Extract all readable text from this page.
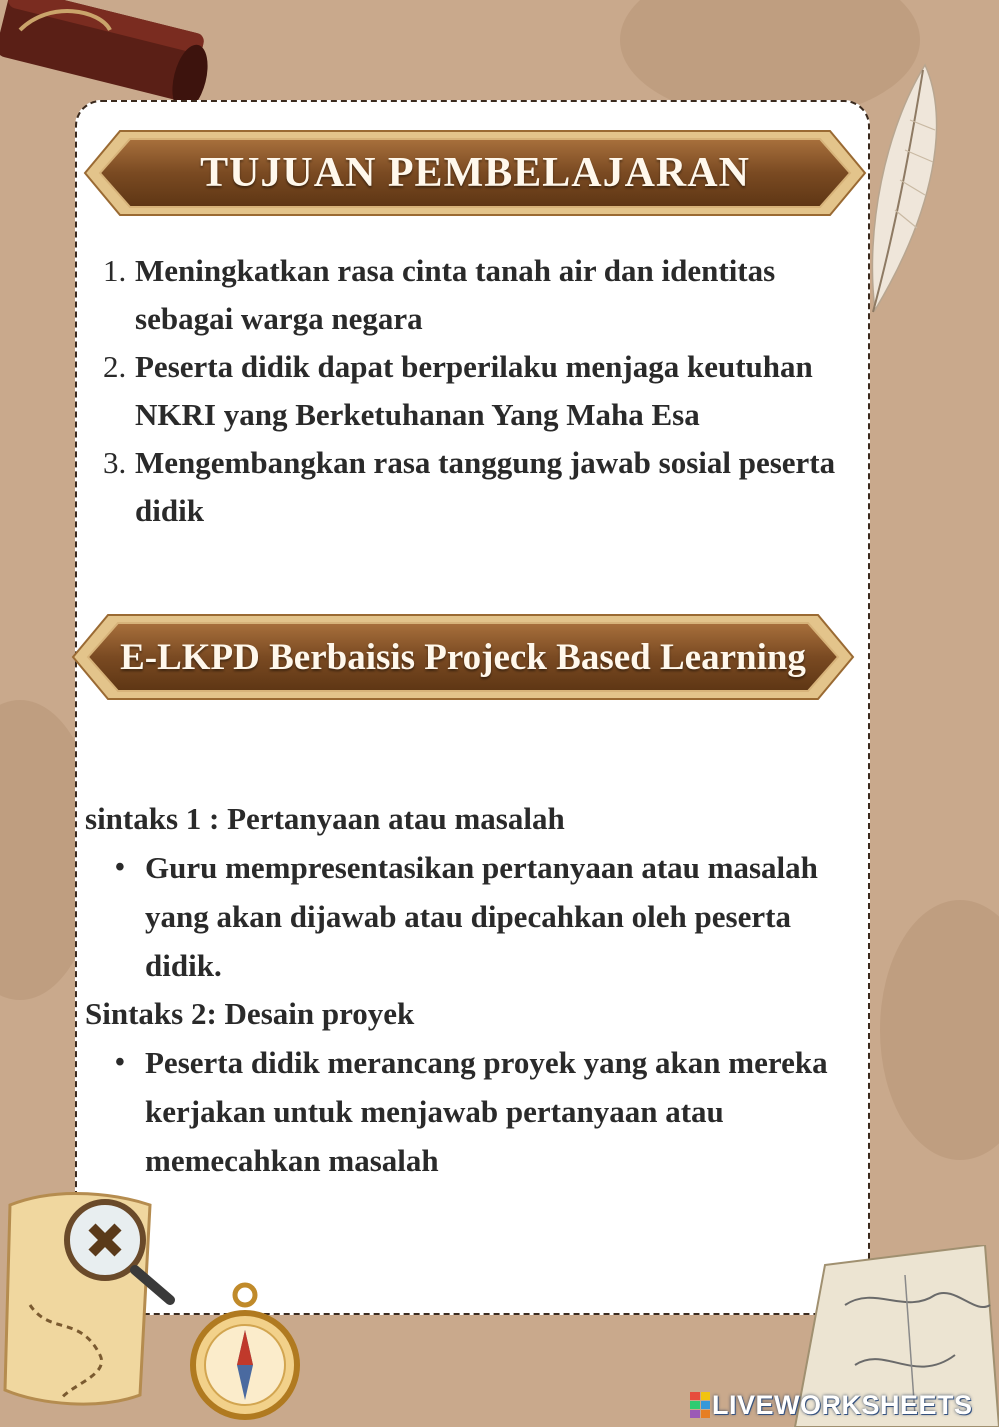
TUJUAN PEMBELAJARAN
1. Meningkatkan rasa cinta tanah air dan identitas sebagai warga negara
2. Peserta didik dapat berperilaku menjaga keutuhan NKRI yang Berketuhanan Yang Maha Esa
3. Mengembangkan rasa tanggung jawab sosial peserta didik
E-LKPD Berbaisis Projeck Based Learning
sintaks 1 : Pertanyaan atau masalah
• Guru mempresentasikan pertanyaan atau masalah yang akan dijawab atau dipecahkan oleh peserta didik.
Sintaks 2: Desain proyek
• Peserta didik merancang proyek yang akan mereka kerjakan untuk menjawab pertanyaan atau memecahkan masalah
LIVEWORKSHEETS
